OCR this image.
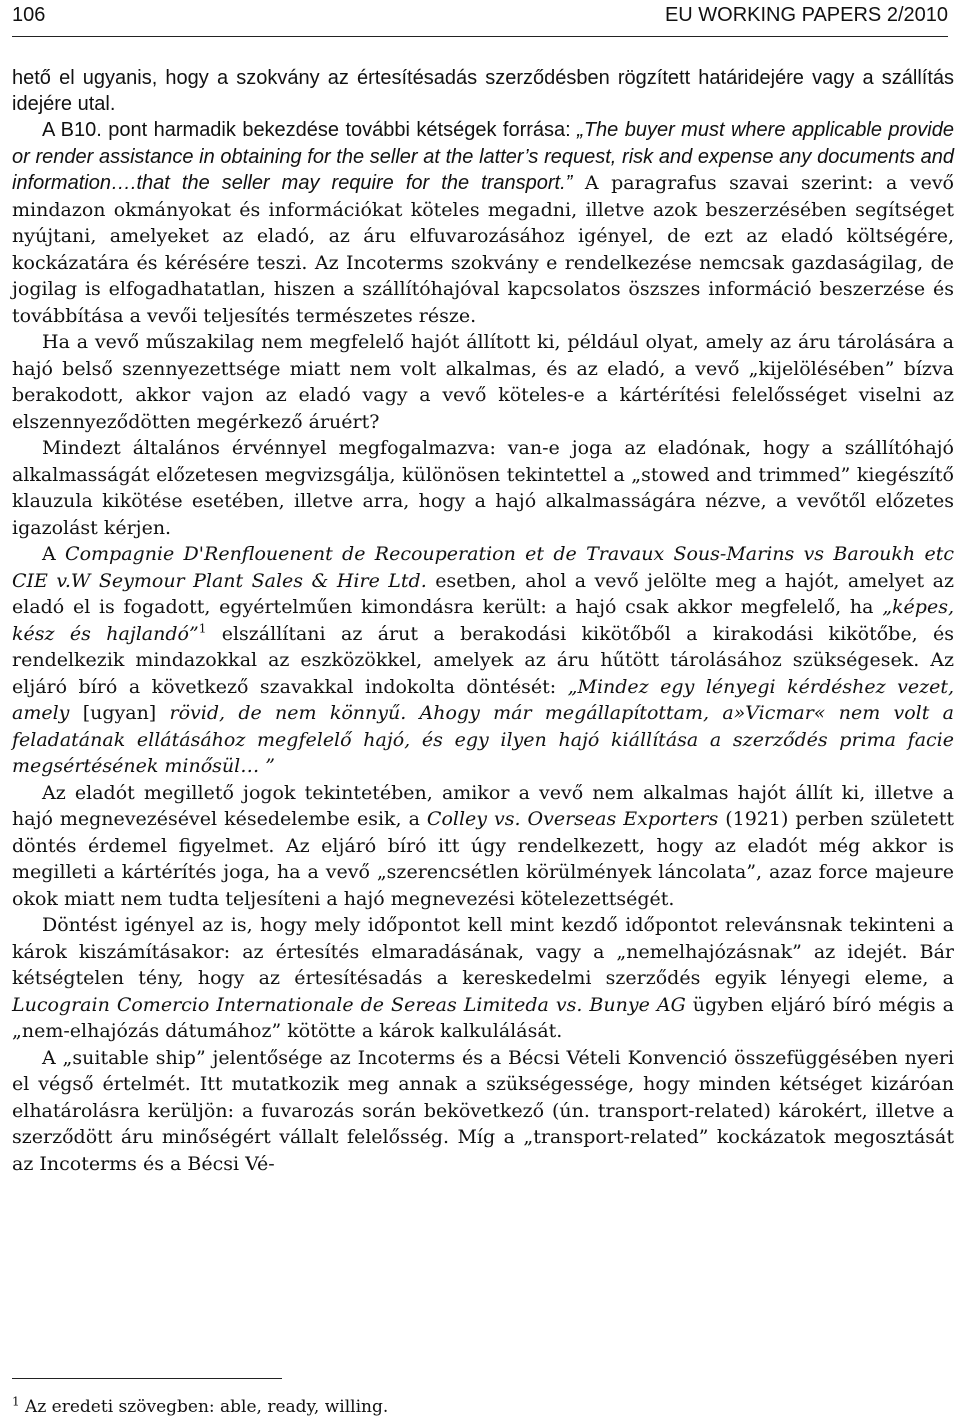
106	EU WORKING PAPERS 2/2010

hető el ugyanis, hogy a szokvány az értesítésadás szerződésben rögzített határidejére vagy a szállítás idejére utal.

A B10. pont harmadik bekezdése további kétségek forrása: „The buyer must where applicable provide or render assistance in obtaining for the seller at the latter’s request, risk and expense any documents and information….that the seller may require for the transport.” A paragrafus szavai szerint: a vevő mindazon okmányokat és információkat köteles megadni, illetve azok beszerzésében segítséget nyújtani, amelyeket az eladó, az áru elfuvarozásához igényel, de ezt az eladó költségére, kockázatára és kérésére teszi. Az Incoterms szokvány e rendelkezése nemcsak gazdaságilag, de jogilag is elfogadhatatlan, hiszen a szállítóhajóval kapcsolatos öszszes információ beszerzése és továbbítása a vevői teljesítés természetes része.

Ha a vevő műszakilag nem megfelelő hajót állított ki, például olyat, amely az áru tárolására a hajó belső szennyezettsége miatt nem volt alkalmas, és az eladó, a vevő „kijelölésében” bízva berakodott, akkor vajon az eladó vagy a vevő köteles-e a kártérítési felelősséget viselni az elszennyeződötten megérkező áruért?

Mindezt általános érvénnyel megfogalmazva: van-e joga az eladónak, hogy a szállítóhajó alkalmasságát előzetesen megvizsgálja, különösen tekintettel a „stowed and trimmed” kiegészítő klauzula kikötése esetében, illetve arra, hogy a hajó alkalmasságára nézve, a vevőtől előzetes igazolást kérjen.

A Compagnie D'Renflouenent de Recouperation et de Travaux Sous-Marins vs Baroukh etc CIE v.W Seymour Plant Sales & Hire Ltd. esetben, ahol a vevő jelölte meg a hajót, amelyet az eladó el is fogadott, egyértelműen kimondásra került: a hajó csak akkor megfelelő, ha „képes, kész és hajlandó”$^1$ elszállítani az árut a berakodási kikötőből a kirakodási kikötőbe, és rendelkezik mindazokkal az eszközökkel, amelyek az áru hűtött tárolásához szükségesek. Az eljáró bíró a következő szavakkal indokolta döntését: „Mindez egy lényegi kérdéshez vezet, amely [ugyan] rövid, de nem könnyű. Ahogy már megállapítottam, a»Vicmar« nem volt a feladatának ellátásához megfelelő hajó, és egy ilyen hajó kiállítása a szerződés prima facie megsértésének minősül… ”

Az eladót megillető jogok tekintetében, amikor a vevő nem alkalmas hajót állít ki, illetve a hajó megnevezésével késedelembe esik, a Colley vs. Overseas Exporters (1921) perben született döntés érdemel figyelmet. Az eljáró bíró itt úgy rendelkezett, hogy az eladót még akkor is megilleti a kártérítés joga, ha a vevő „szerencsétlen körülmények láncolata”, azaz force majeure okok miatt nem tudta teljesíteni a hajó megnevezési kötelezettségét.

Döntést igényel az is, hogy mely időpontot kell mint kezdő időpontot relevánsnak tekinteni a károk kiszámításakor: az értesítés elmaradásának, vagy a „nemelhajózásnak” az idejét. Bár kétségtelen tény, hogy az értesítésadás a kereskedelmi szerződés egyik lényegi eleme, a Lucograin Comercio Internationale de Sereas Limiteda vs. Bunye AG ügyben eljáró bíró mégis a „nem-elhajózás dátumához” kötötte a károk kalkulálását.

A „suitable ship” jelentősége az Incoterms és a Bécsi Vételi Konvenció összefüggésében nyeri el végső értelmét. Itt mutatkozik meg annak a szükségessége, hogy minden kétséget kizáróan elhatárolásra kerüljön: a fuvarozás során bekövetkező (ún. transport-related) károkért, illetve a szerződött áru minőségért vállalt felelősség. Míg a „transport-related” kockázatok megosztását az Incoterms és a Bécsi Vé-

$^1$ Az eredeti szövegben: able, ready, willing.
